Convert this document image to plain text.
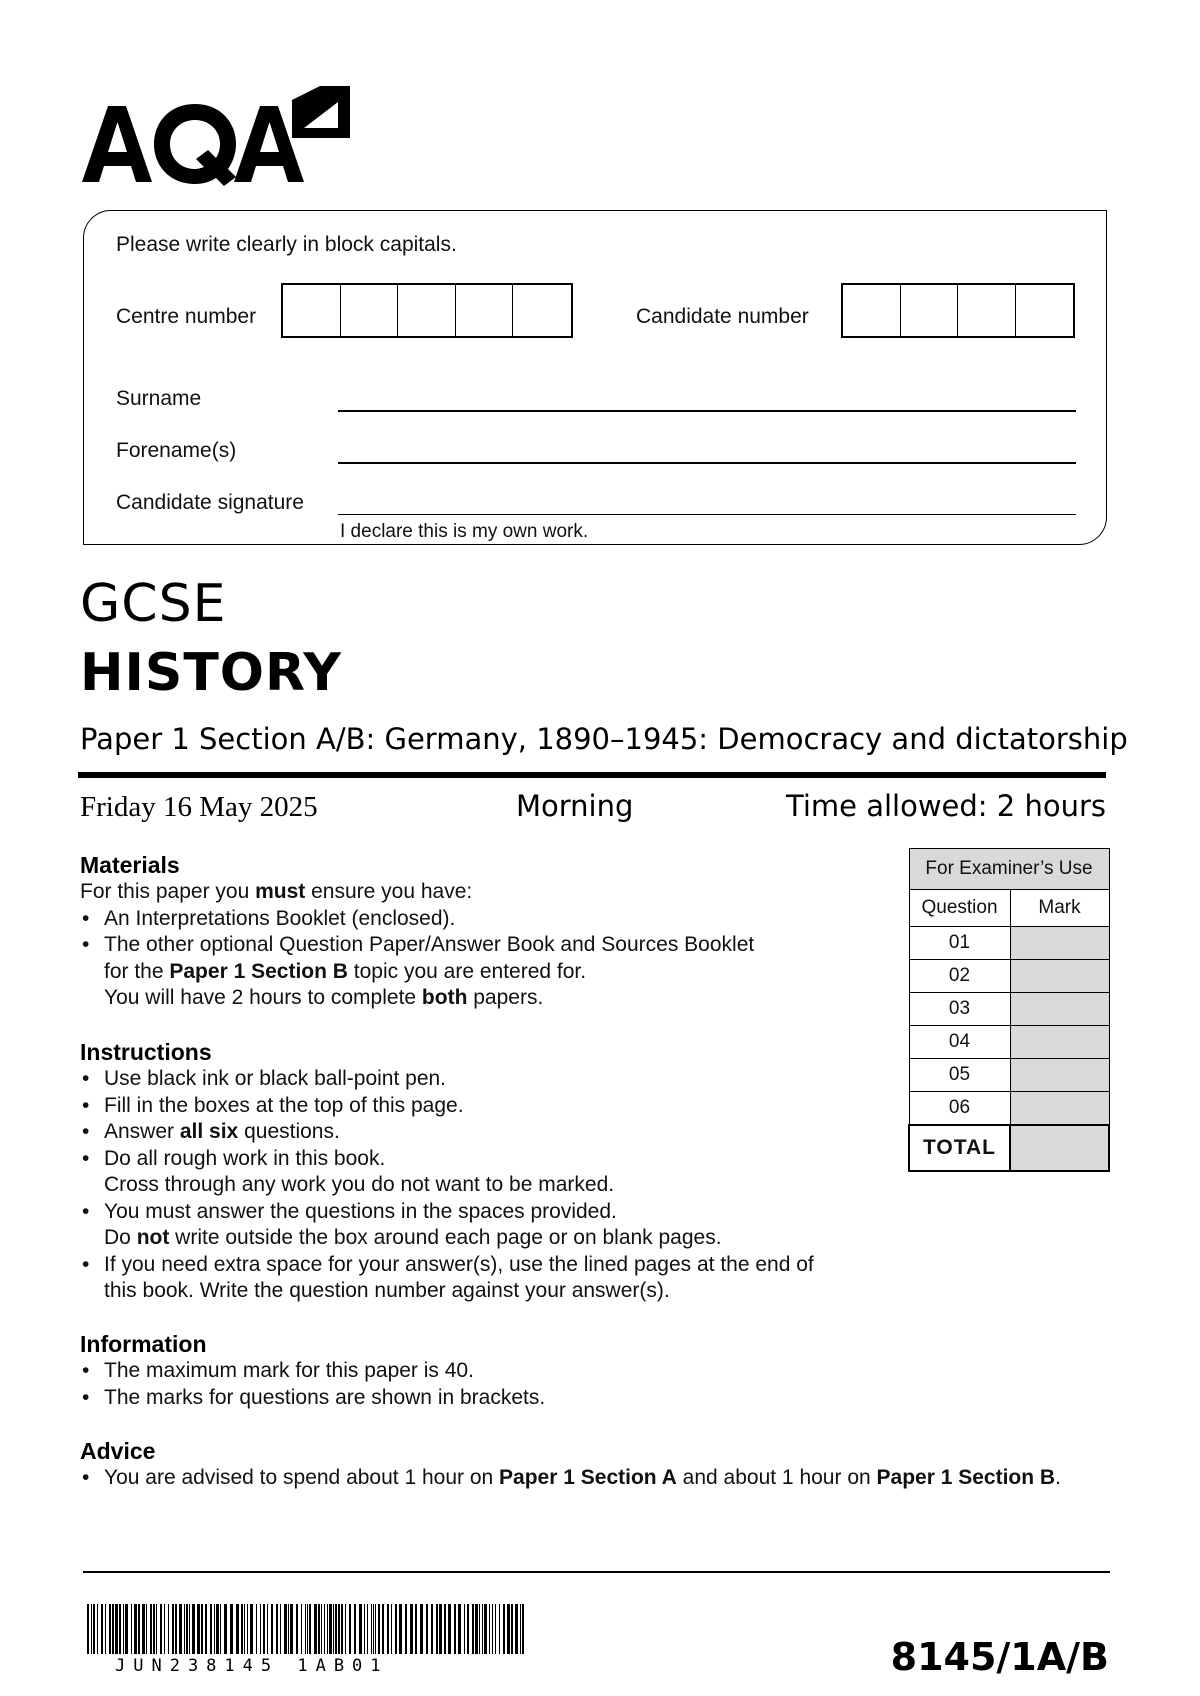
Please write clearly in block capitals.
Centre number	Candidate number
Surname
Forename(s)
Candidate signature
I declare this is my own work.
GCSE
HISTORY
Paper 1 Section A/B: Germany, 1890–1945: Democracy and dictatorship
Friday 16 May 2025	Morning	Time allowed: 2 hours
Materials
For this paper you must ensure you have:
• An Interpretations Booklet (enclosed).
• The other optional Question Paper/Answer Book and Sources Booklet
for the Paper 1 Section B topic you are entered for.
You will have 2 hours to complete both papers.
Instructions
• Use black ink or black ball-point pen.
• Fill in the boxes at the top of this page.
• Answer all six questions.
• Do all rough work in this book.
Cross through any work you do not want to be marked.
• You must answer the questions in the spaces provided.
Do not write outside the box around each page or on blank pages.
• If you need extra space for your answer(s), use the lined pages at the end of
this book. Write the question number against your answer(s).
Information
• The maximum mark for this paper is 40.
• The marks for questions are shown in brackets.
Advice
• You are advised to spend about 1 hour on Paper 1 Section A and about 1 hour on Paper 1 Section B.
For Examiner’s Use	
Question	Mark
01	
02	
03	
04	
05	
06	
TOTAL	
JUN238145 1AB01	8145/1A/B
